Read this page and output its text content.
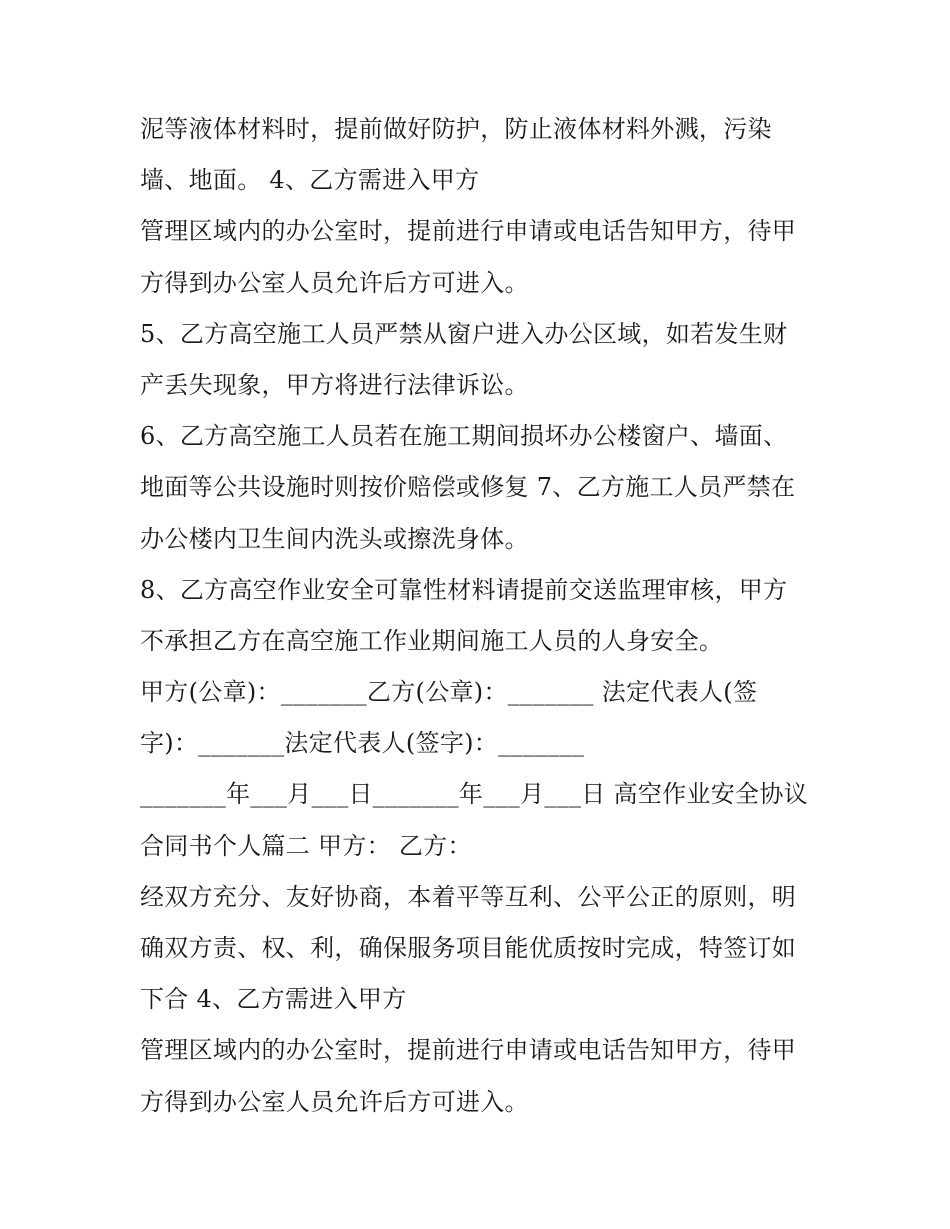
泥等液体材料时，提前做好防护，防止液体材料外溅，污染
墙、地面。 4、乙方需进入甲方
管理区域内的办公室时，提前进行申请或电话告知甲方，待甲
方得到办公室人员允许后方可进入。
5、乙方高空施工人员严禁从窗户进入办公区域，如若发生财
产丢失现象，甲方将进行法律诉讼。
6、乙方高空施工人员若在施工期间损坏办公楼窗户、墙面、
地面等公共设施时则按价赔偿或修复 7、乙方施工人员严禁在
办公楼内卫生间内洗头或擦洗身体。
8、乙方高空作业安全可靠性材料请提前交送监理审核，甲方
不承担乙方在高空施工作业期间施工人员的人身安全。
甲方(公章)：_______乙方(公章)：_______ 法定代表人(签
字)：_______法定代表人(签字)：_______
_______年___月___日_______年___月___日 高空作业安全协议
合同书个人篇二 甲方： 乙方：
经双方充分、友好协商，本着平等互利、公平公正的原则，明
确双方责、权、利，确保服务项目能优质按时完成，特签订如
下合 4、乙方需进入甲方
管理区域内的办公室时，提前进行申请或电话告知甲方，待甲
方得到办公室人员允许后方可进入。
